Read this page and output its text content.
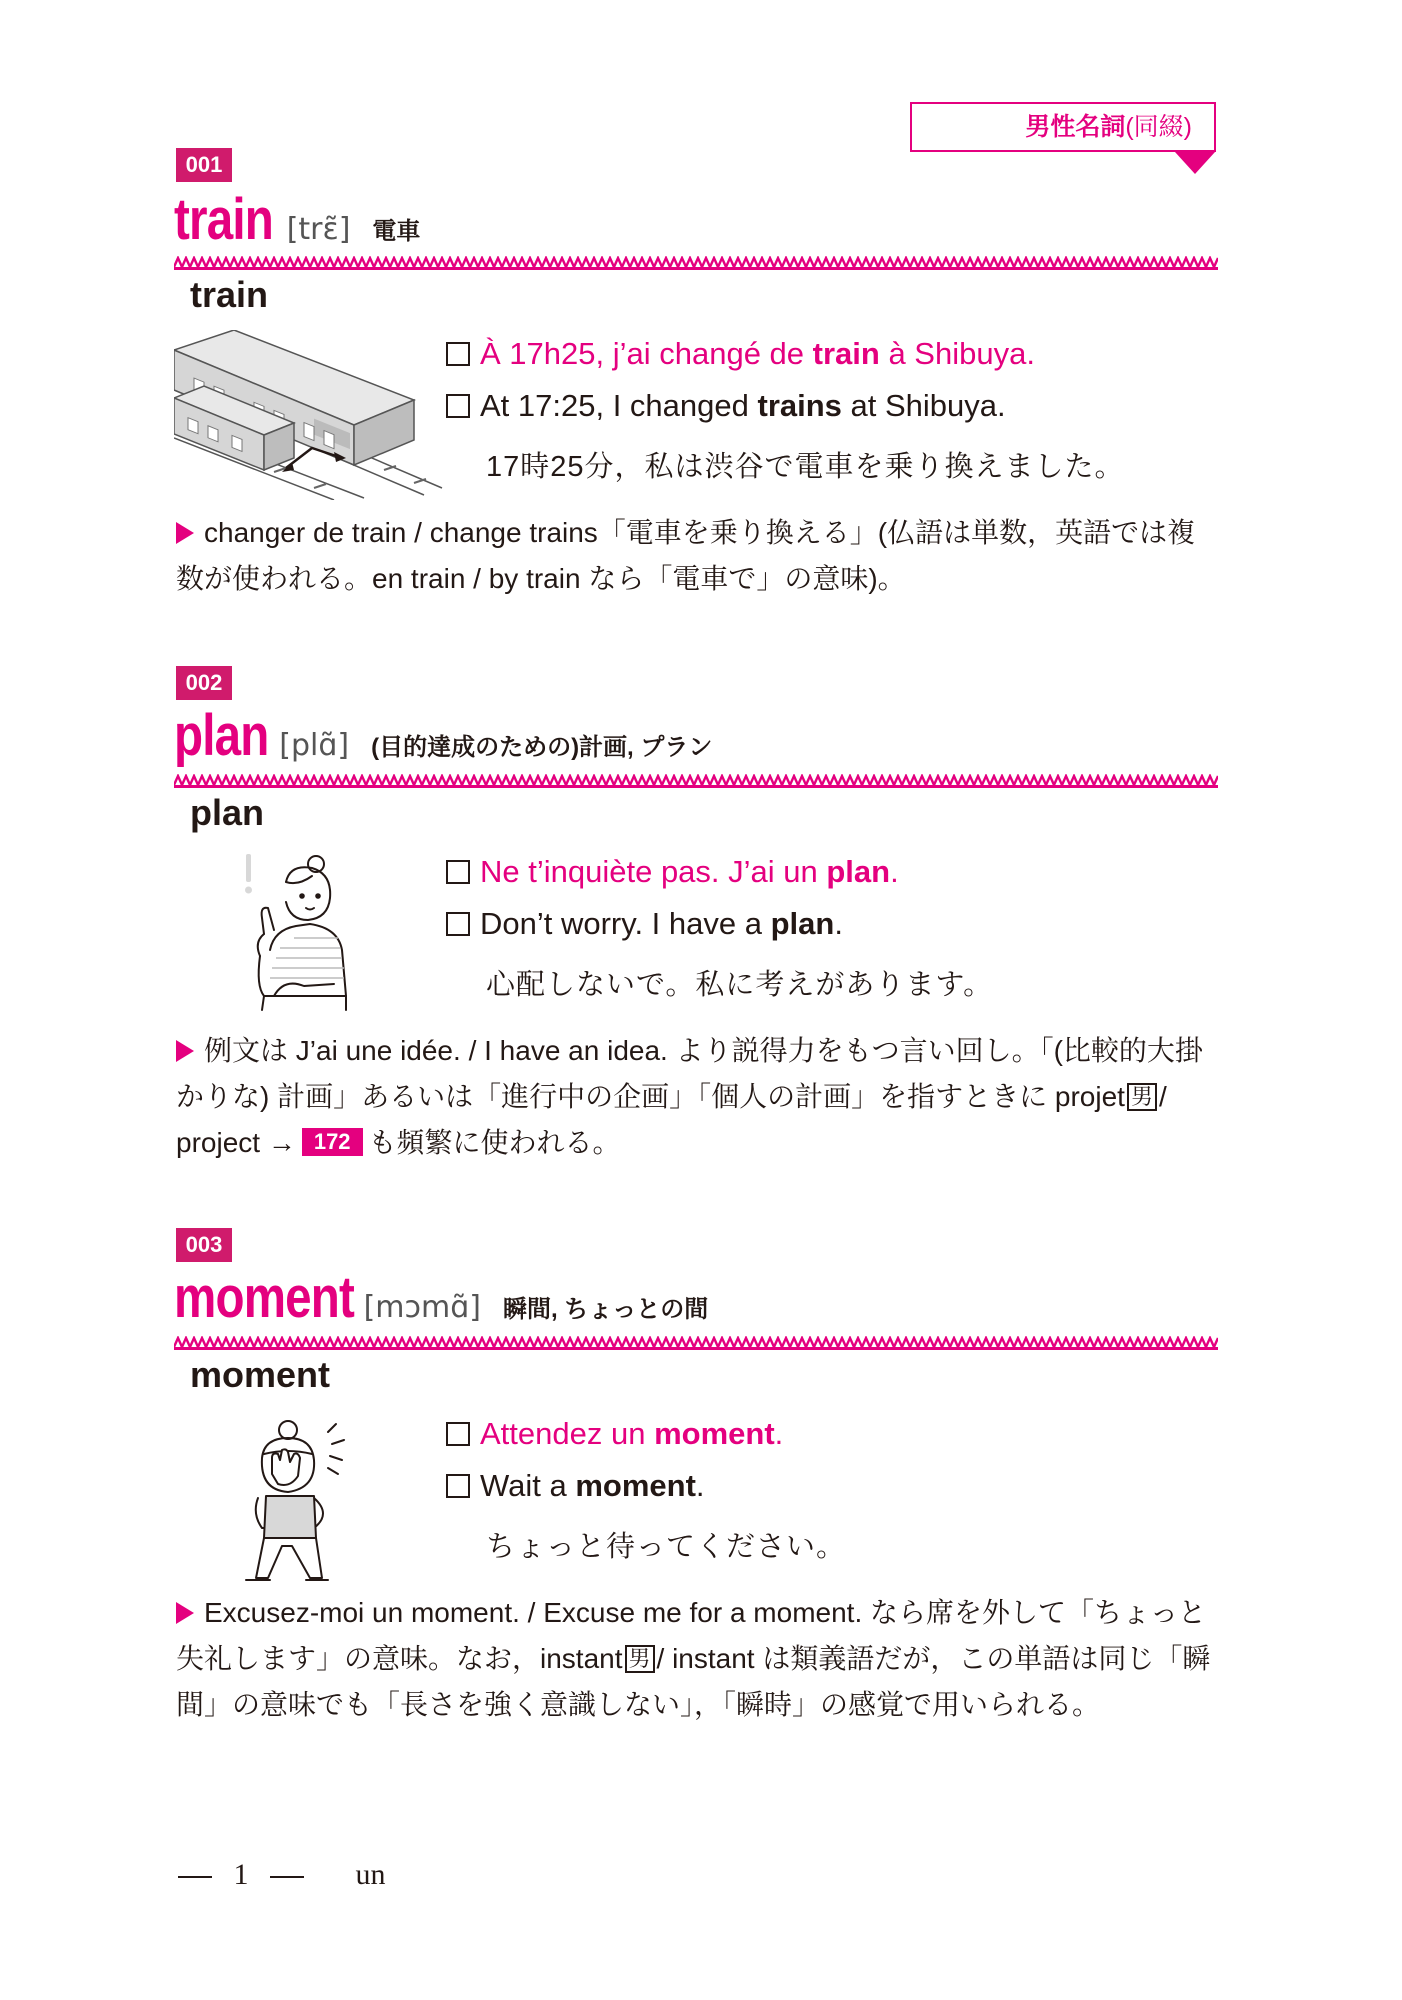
男性名詞(同綴)
001
train [trɛ̃] 電車
train
À 17h25, j’ai changé de train à Shibuya.
At 17:25, I changed trains at Shibuya.
17時25分，私は渋谷で電車を乗り換えました。
changer de train / change trains「電車を乗り換える」(仏語は単数，英語では複数が使われる。en train / by train なら「電車で」の意味)。
002
plan [plɑ̃] (目的達成のための)計画, プラン
plan
Ne t’inquiète pas. J’ai un plan.
Don’t worry. I have a plan.
心配しないで。私に考えがあります。
例文は J’ai une idée. / I have an idea. より説得力をもつ言い回し。「(比較的大掛かりな) 計画」あるいは「進行中の企画」「個人の計画」を指すときに projet 男 / project → 172 も頻繁に使われる。
003
moment [mɔmɑ̃] 瞬間, ちょっとの間
moment
Attendez un moment.
Wait a moment.
ちょっと待ってください。
Excusez-moi un moment. / Excuse me for a moment. なら席を外して「ちょっと失礼します」の意味。なお，instant 男 / instant は類義語だが，この単語は同じ「瞬間」の意味でも「長さを強く意識しない」，「瞬時」の感覚で用いられる。
1	un
